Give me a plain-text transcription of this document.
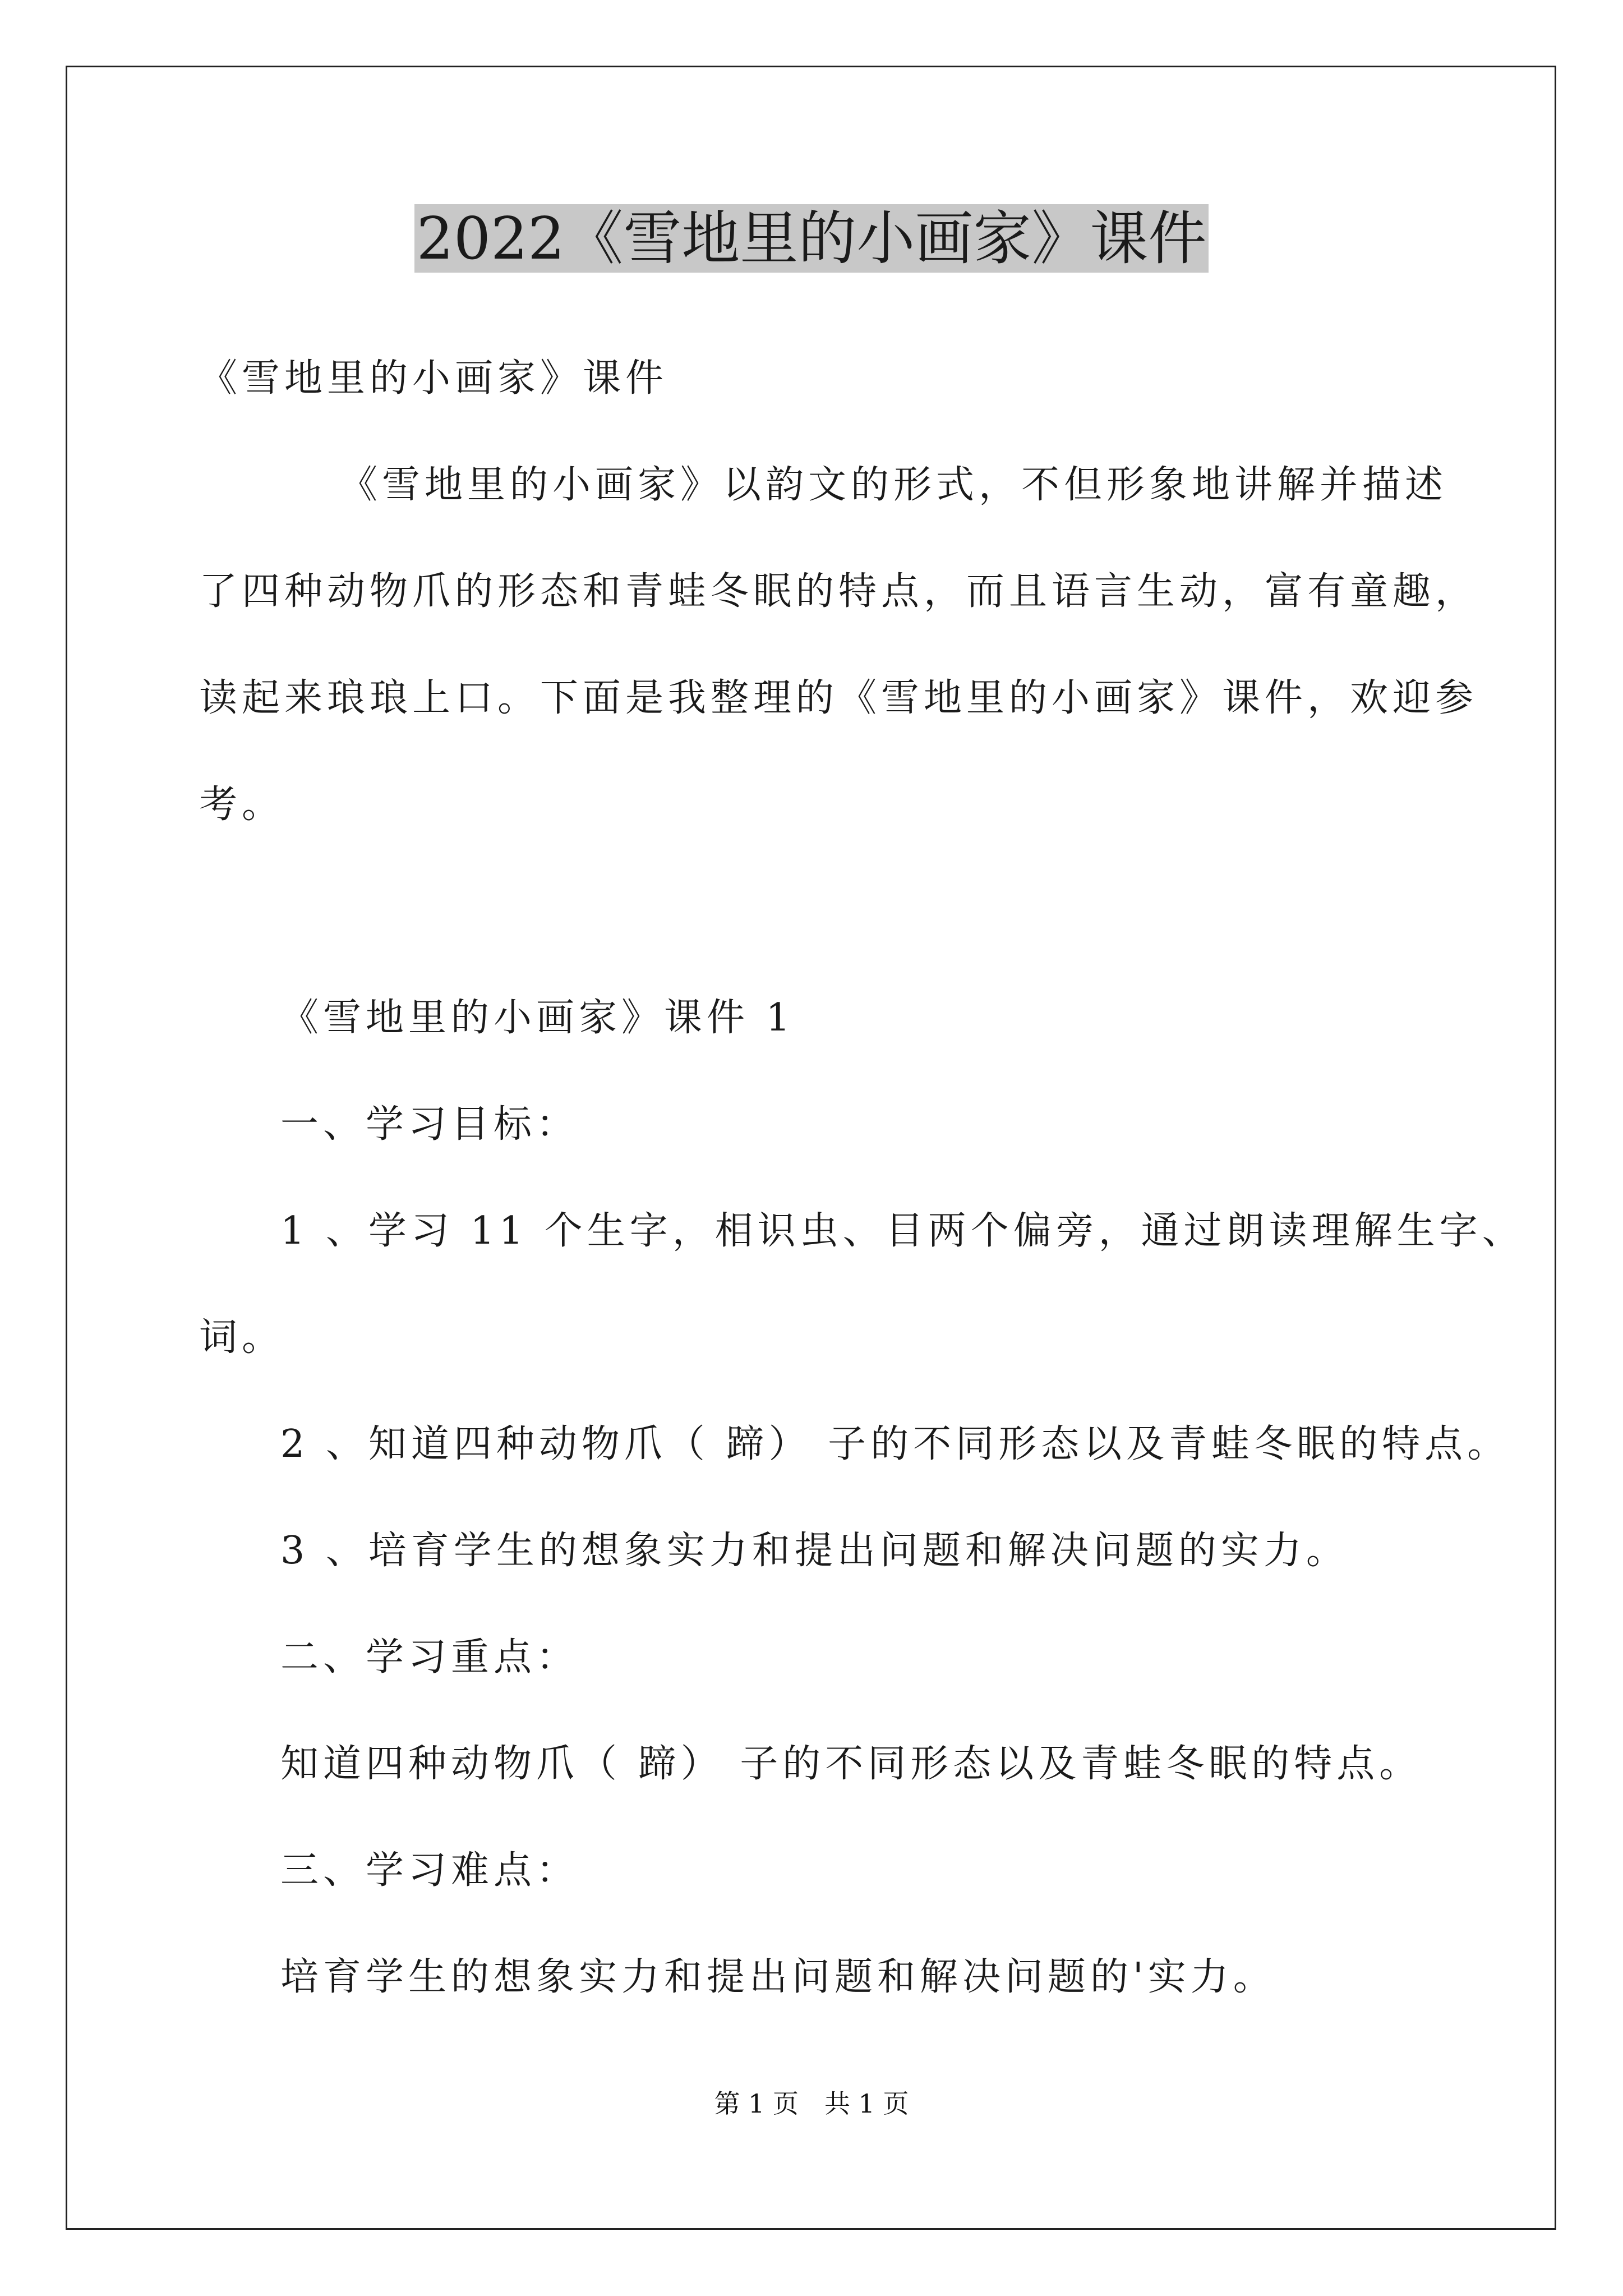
2022《雪地里的小画家》课件
《雪地里的小画家》课件
《雪地里的小画家》以韵文的形式，不但形象地讲解并描述
了四种动物爪的形态和青蛙冬眠的特点，而且语言生动，富有童趣，
读起来琅琅上口。下面是我整理的《雪地里的小画家》课件，欢迎参
考。
《雪地里的小画家》课件 1
一、学习目标：
1 、学习 11 个生字，相识虫、目两个偏旁，通过朗读理解生字、
词。
2 、知道四种动物爪（ 蹄） 子的不同形态以及青蛙冬眠的特点。
3 、培育学生的想象实力和提出问题和解决问题的实力。
二、学习重点：
知道四种动物爪（ 蹄） 子的不同形态以及青蛙冬眠的特点。
三、学习难点：
培育学生的想象实力和提出问题和解决问题的'实力。
第 1 页　共 1 页
